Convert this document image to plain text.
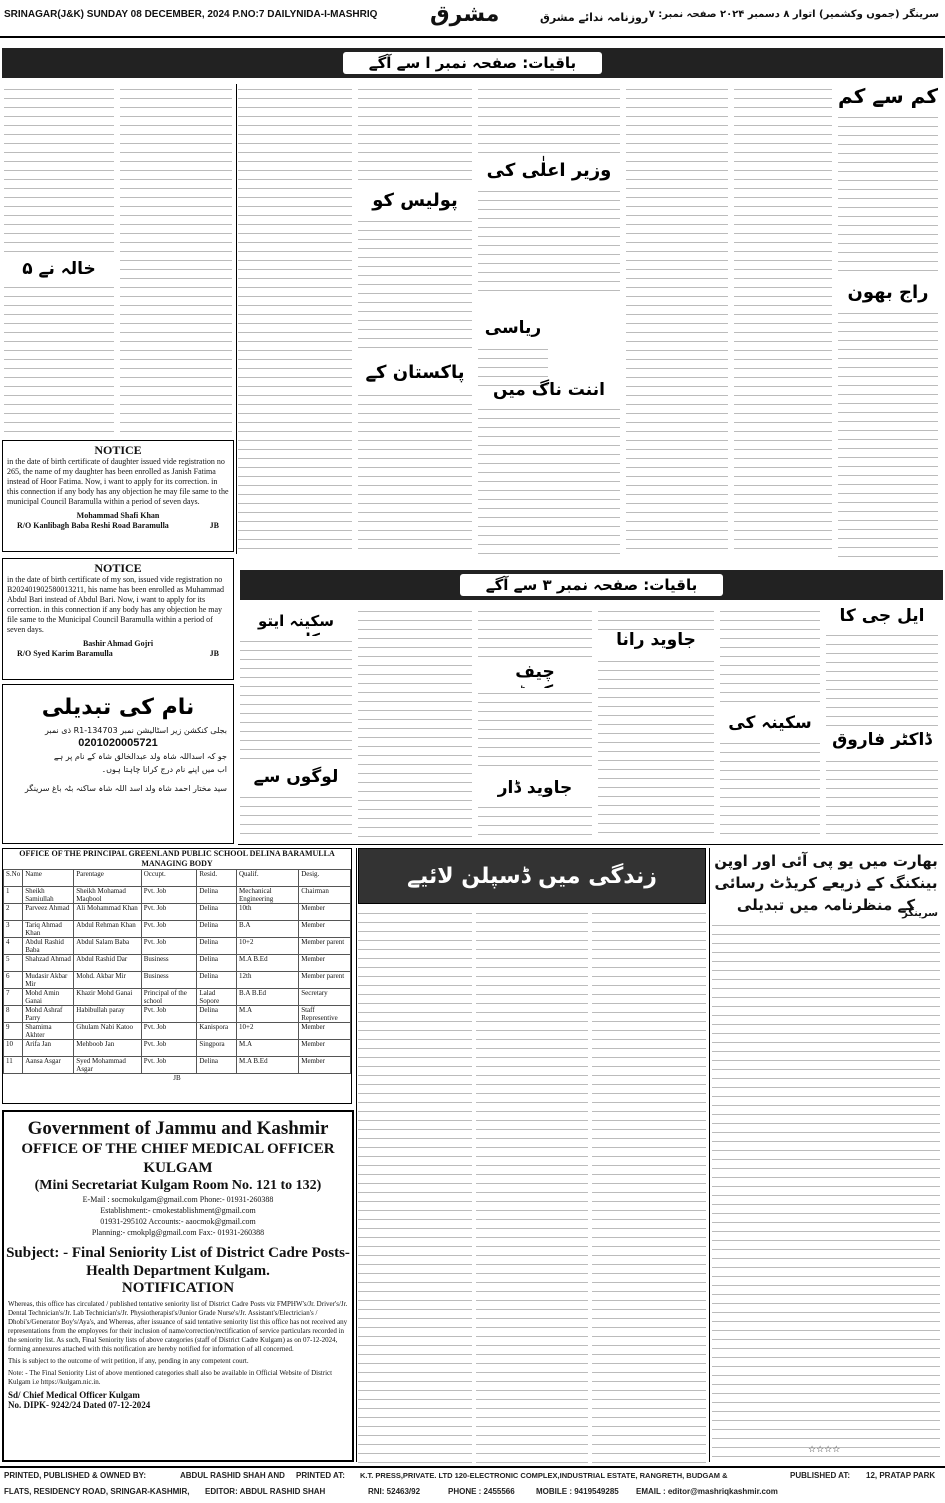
SRINAGAR(J&K) SUNDAY 08 DECEMBER, 2024 P.NO:7 DAILYNIDA-I-MASHRIQ مشرق	روزنامہ ندائے مشرق سرینگر (جموں وکشمیر) اتوار ۸ دسمبر ۲۰۲۴ صفحہ نمبر: ۷
باقیات: صفحہ نمبر ا سے آگے
کم سے کم
راج بھون
وزیر اعلٰی کی
ریاسی
اننت ناگ میں
پولیس کو
پاکستان کے
خالہ نے ۵
NOTICE
in the date of birth certificate of daughter issued vide registration no 265, the name of my daughter has been enrolled as Janish Fatima instead of Hoor Fatima. Now, i want to apply for its correction. in this connection if any body has any objection he may file same to the municipal Council Baramulla within a period of seven days.
Mohammad Shafi Khan
R/O Kanlibagh Baba Reshi Road Baramulla	JB
NOTICE
in the date of birth certificate of my son, issued vide registration no B202401902580013211, his name has been enrolled as Muhammad Abdul Bari instead of Abdul Bari. Now, i want to apply for its correction. in this connection if any body has any objection he may file same to the Municipal Council Baramulla within a period of seven days.
Bashir Ahmad Gojri
R/O Syed Karim Baramulla	JB
باقیات: صفحہ نمبر ۳ سے آگے
ایل جی کا
ڈاکٹر فاروق
سکینہ کی
جاوید رانا
چیف
جاوید ڈار
سکینہ ایتو
لوگوں سے
نام کی تبدیلی
بجلی کنکشن زیر اسٹالیشن نمبر 134703-R1 ذی نمبر
0201020005721
جو کہ اسداللہ شاہ ولد عبدالخالق شاہ کے نام پر ہے
اب میں اپنے نام درج کرانا چاہتا ہوں۔
سید مختار احمد شاہ ولد اسد اللہ شاہ ساکنہ بٹہ باغ سرینگر
OFFICE OF THE PRINCIPAL GREENLAND PUBLIC SCHOOL DELINA BARAMULLA
MANAGING BODY
S.No	Name	Parentage	Occupt.	Resid.	Qualif.	Desig.
1	Sheikh Samiullah	Sheikh Mohamad Maqbool	Pvt. Job	Delina	Mechanical Engineering	Chairman
2	Parveez Ahmad	Ali Mohammad Khan	Pvt. Job	Delina	10th	Member
3	Tariq Ahmad Khan	Abdul Rehman Khan	Pvt. Job	Delina	B.A	Member
4	Abdul Rashid Baba	Abdul Salam Baba	Pvt. Job	Delina	10+2	Member parent
5	Shahzad Ahmad	Abdul Rashid Dar	Business	Delina	M.A B.Ed	Member
6	Mudasir Akbar Mir	Mohd. Akbar Mir	Business	Delina	12th	Member parent
7	Mohd Amin Ganai	Khazir Mohd Ganai	Principal of the school	Lalad Sopore	B.A B.Ed	Secretary
8	Mohd Ashraf Parry	Habibullah paray	Pvt. Job	Delina	M.A	Staff Representive
9	Shamima Akhter	Ghulam Nabi Katoo	Pvt. Job	Kanispora	10+2	Member
10	Arifa Jan	Mehboob Jan	Pvt. Job	Singpora	M.A	Member
11	Aansa Asgar	Syed Mohammad Asgar	Pvt. Job	Delina	M.A B.Ed	Member
JB
Government of Jammu and Kashmir
OFFICE OF THE CHIEF MEDICAL OFFICER
KULGAM
(Mini Secretariat Kulgam Room No. 121 to 132)
E-Mail : socmokulgam@gmail.com Phone:- 01931-260388
Establishment:- cmokestablishment@gmail.com
01931-295102 Accounts:- aaocmok@gmail.com
Planning:- cmokplg@gmail.com Fax:- 01931-260388
Subject: - Final Seniority List of District Cadre Posts-Health Department Kulgam.
NOTIFICATION
Whereas, this office has circulated / published tentative seniority list of District Cadre Posts viz FMPHW's/Jr. Driver's/Jr. Dental Technician's/Jr. Lab Technician's/Jr. Physiotherapist's/Junior Grade Nurse's/Jr. Assistant's/Electrician's / Dhobi's/Generator Boy's/Aya's, and Whereas, after issuance of said tentative seniority list this office has not received any representations from the employees for their inclusion of name/correction/rectification of service particulars recorded in the seniority list. As such, Final Seniority lists of above categories (staff of District Cadre Kulgam) as on 07-12-2024, forming annexures attached with this notification are hereby notified for information of all concerned.
This is subject to the outcome of writ petition, if any, pending in any competent court.
Note: - The Final Seniority List of above mentioned categories shall also be available in Official Website of District Kulgam i.e https://kulgam.nic.in.
Sd/ Chief Medical Officer Kulgam
No. DIPK- 9242/24 Dated 07-12-2024
زندگی میں ڈسپلن لائیے
بھارت میں یو پی آئی اور اوپن بینکنگ کے ذریعے کریڈٹ رسائی کے منظرنامہ میں تبدیلی
سرینگر
☆☆☆☆
PRINTED, PUBLISHED & OWNED BY:	ABDUL RASHID SHAH AND PRINTED AT: K.T. PRESS,PRIVATE. LTD 120-ELECTRONIC COMPLEX,INDUSTRIAL ESTATE, RANGRETH, BUDGAM &	PUBLISHED AT: 12, PRATAP PARK
FLATS, RESIDENCY ROAD, SRINGAR-KASHMIR, EDITOR: ABDUL RASHID SHAH	RNI: 52463/92	PHONE : 2455566	MOBILE : 9419549285 EMAIL : editor@mashriqkashmir.com
